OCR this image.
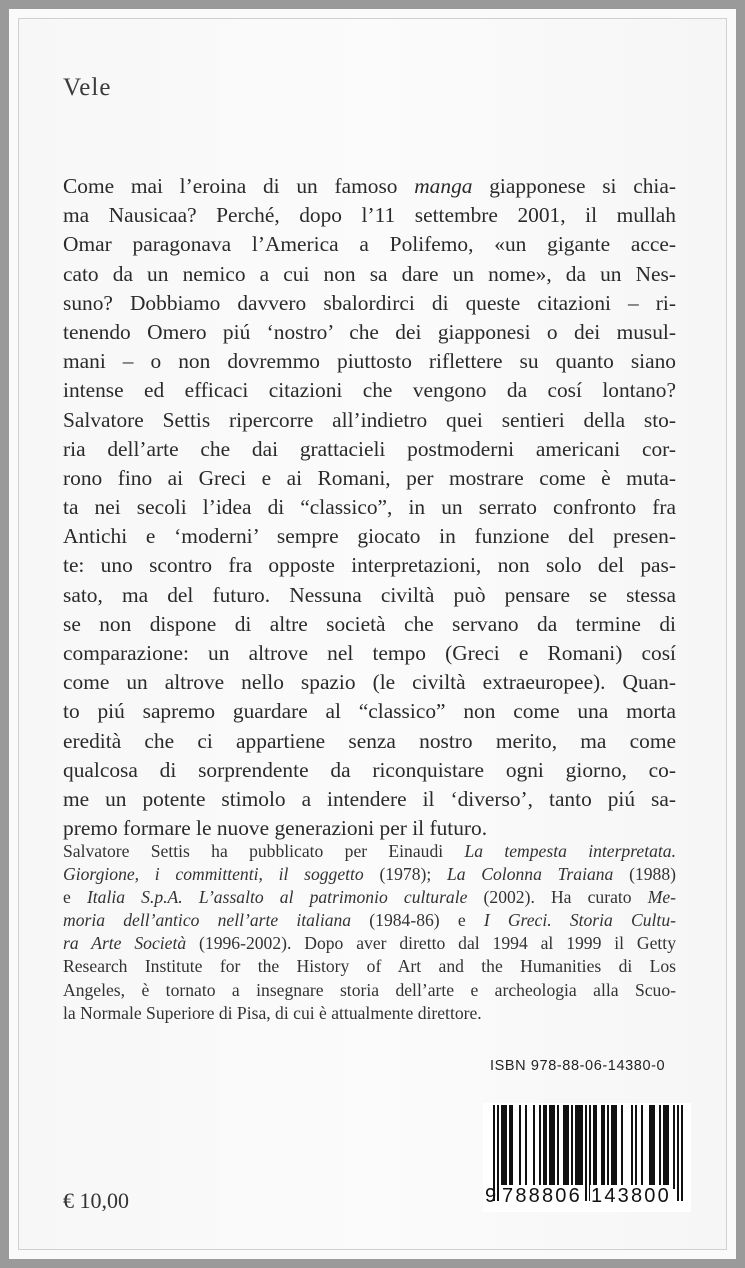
Vele
Come mai l’eroina di un famoso manga giapponese si chia-
ma Nausicaa? Perché, dopo l’11 settembre 2001, il mullah
Omar paragonava l’America a Polifemo, «un gigante acce-
cato da un nemico a cui non sa dare un nome», da un Nes-
suno? Dobbiamo davvero sbalordirci di queste citazioni – ri-
tenendo Omero piú ‘nostro’ che dei giapponesi o dei musul-
mani – o non dovremmo piuttosto riflettere su quanto siano
intense ed efficaci citazioni che vengono da cosí lontano?
Salvatore Settis ripercorre all’indietro quei sentieri della sto-
ria dell’arte che dai grattacieli postmoderni americani cor-
rono fino ai Greci e ai Romani, per mostrare come è muta-
ta nei secoli l’idea di “classico”, in un serrato confronto fra
Antichi e ‘moderni’ sempre giocato in funzione del presen-
te: uno scontro fra opposte interpretazioni, non solo del pas-
sato, ma del futuro. Nessuna civiltà può pensare se stessa
se non dispone di altre società che servano da termine di
comparazione: un altrove nel tempo (Greci e Romani) cosí
come un altrove nello spazio (le civiltà extraeuropee). Quan-
to piú sapremo guardare al “classico” non come una morta
eredità che ci appartiene senza nostro merito, ma come
qualcosa di sorprendente da riconquistare ogni giorno, co-
me un potente stimolo a intendere il ‘diverso’, tanto piú sa-
premo formare le nuove generazioni per il futuro.
Salvatore Settis ha pubblicato per Einaudi La tempesta interpretata.
Giorgione, i committenti, il soggetto (1978); La Colonna Traiana (1988)
e Italia S.p.A. L’assalto al patrimonio culturale (2002). Ha curato Me-
moria dell’antico nell’arte italiana (1984-86) e I Greci. Storia Cultu-
ra Arte Società (1996-2002). Dopo aver diretto dal 1994 al 1999 il Getty
Research Institute for the History of Art and the Humanities di Los
Angeles, è tornato a insegnare storia dell’arte e archeologia alla Scuo-
la Normale Superiore di Pisa, di cui è attualmente direttore.
ISBN 978-88-06-14380-0
9 788806 143800
€ 10,00
